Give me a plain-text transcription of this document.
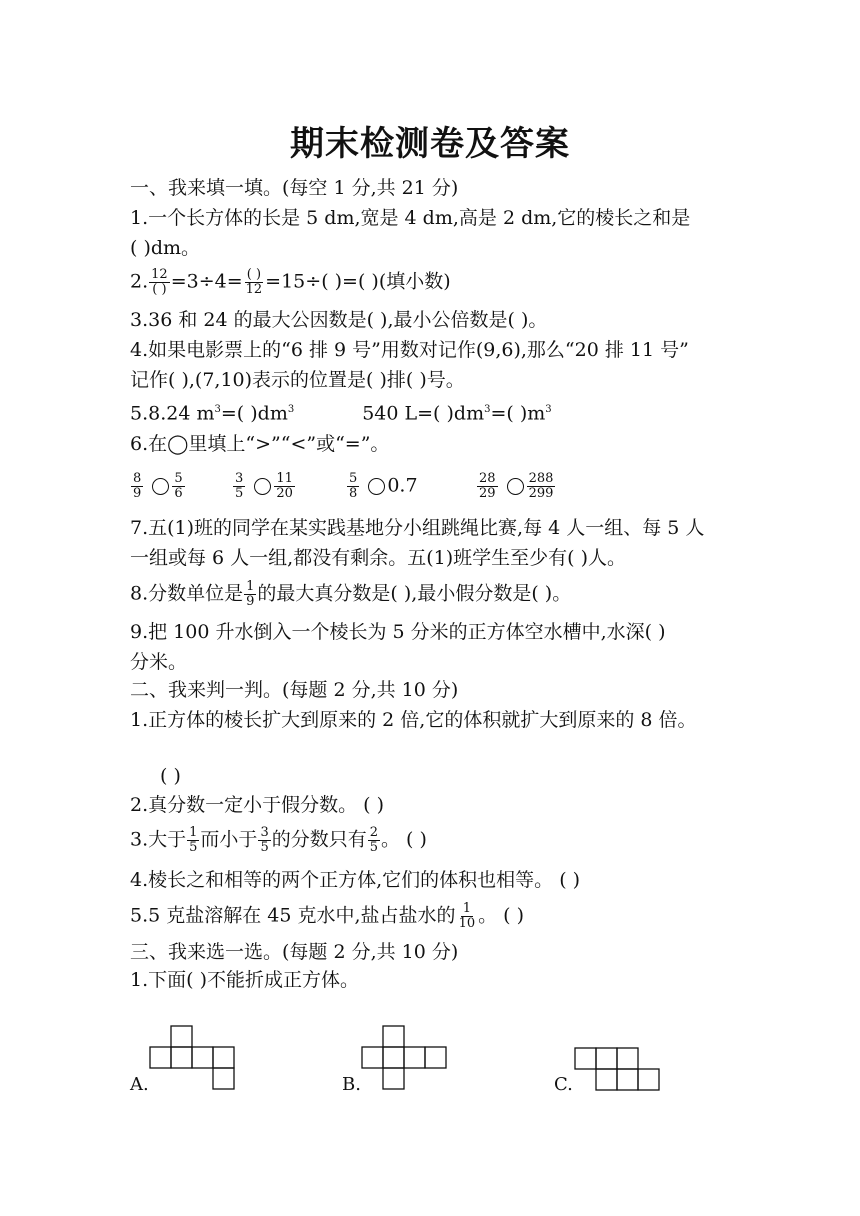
期末检测卷及答案
一、我来填一填。(每空 1 分,共 21 分)
1.一个长方体的长是 5 dm,宽是 4 dm,高是 2 dm,它的棱长之和是
( )dm。
2. $\frac{12}{( )} =3\div 4= \frac{( )}{12} =15\div$( )=( )(填小数)
3.36 和 24 的最大公因数是( ),最小公倍数是( )。
4.如果电影票上的“6 排 9 号”用数对记作(9,6),那么“20 排 11 号”
记作( ),(7,10)表示的位置是( )排( )号。
5.8.24 $m^3=$( )$dm^3$	540 L=( )$dm^3=$( )$m^3$
6.在◯里填上“>”“<”或“=”。
$\frac{8}{9}$
$\frac{5}{6}$	$\frac{3}{5}$
$\frac{11}{20}$	$\frac{5}{8} 0.7$	$\frac{28}{29}$
$\frac{288}{299}$
7.五(1)班的同学在某实践基地分小组跳绳比赛,每 4 人一组、每 5 人
一组或每 6 人一组,都没有剩余。五(1)班学生至少有( )人。
8.分数单位是 $\frac{1}{9}$ 的最大真分数是( ),最小假分数是( )。
9.把 100 升水倒入一个棱长为 5 分米的正方体空水槽中,水深( )
分米。
二、我来判一判。(每题 2 分,共 10 分)
1.正方体的棱长扩大到原来的 2 倍,它的体积就扩大到原来的 8 倍。
( )
2.真分数一定小于假分数。 ( )
3.大于 $\frac{1}{5}$ 而小于 $\frac{3}{5}$ 的分数只有 $\frac{2}{5}$ 。 ( )
4.棱长之和相等的两个正方体,它们的体积也相等。 ( )
5.5 克盐溶解在 45 克水中,盐占盐水的 $\frac{1}{10}$ 。 ( )
三、我来选一选。(每题 2 分,共 10 分)
1.下面( )不能折成正方体。
A.	B.	C.
